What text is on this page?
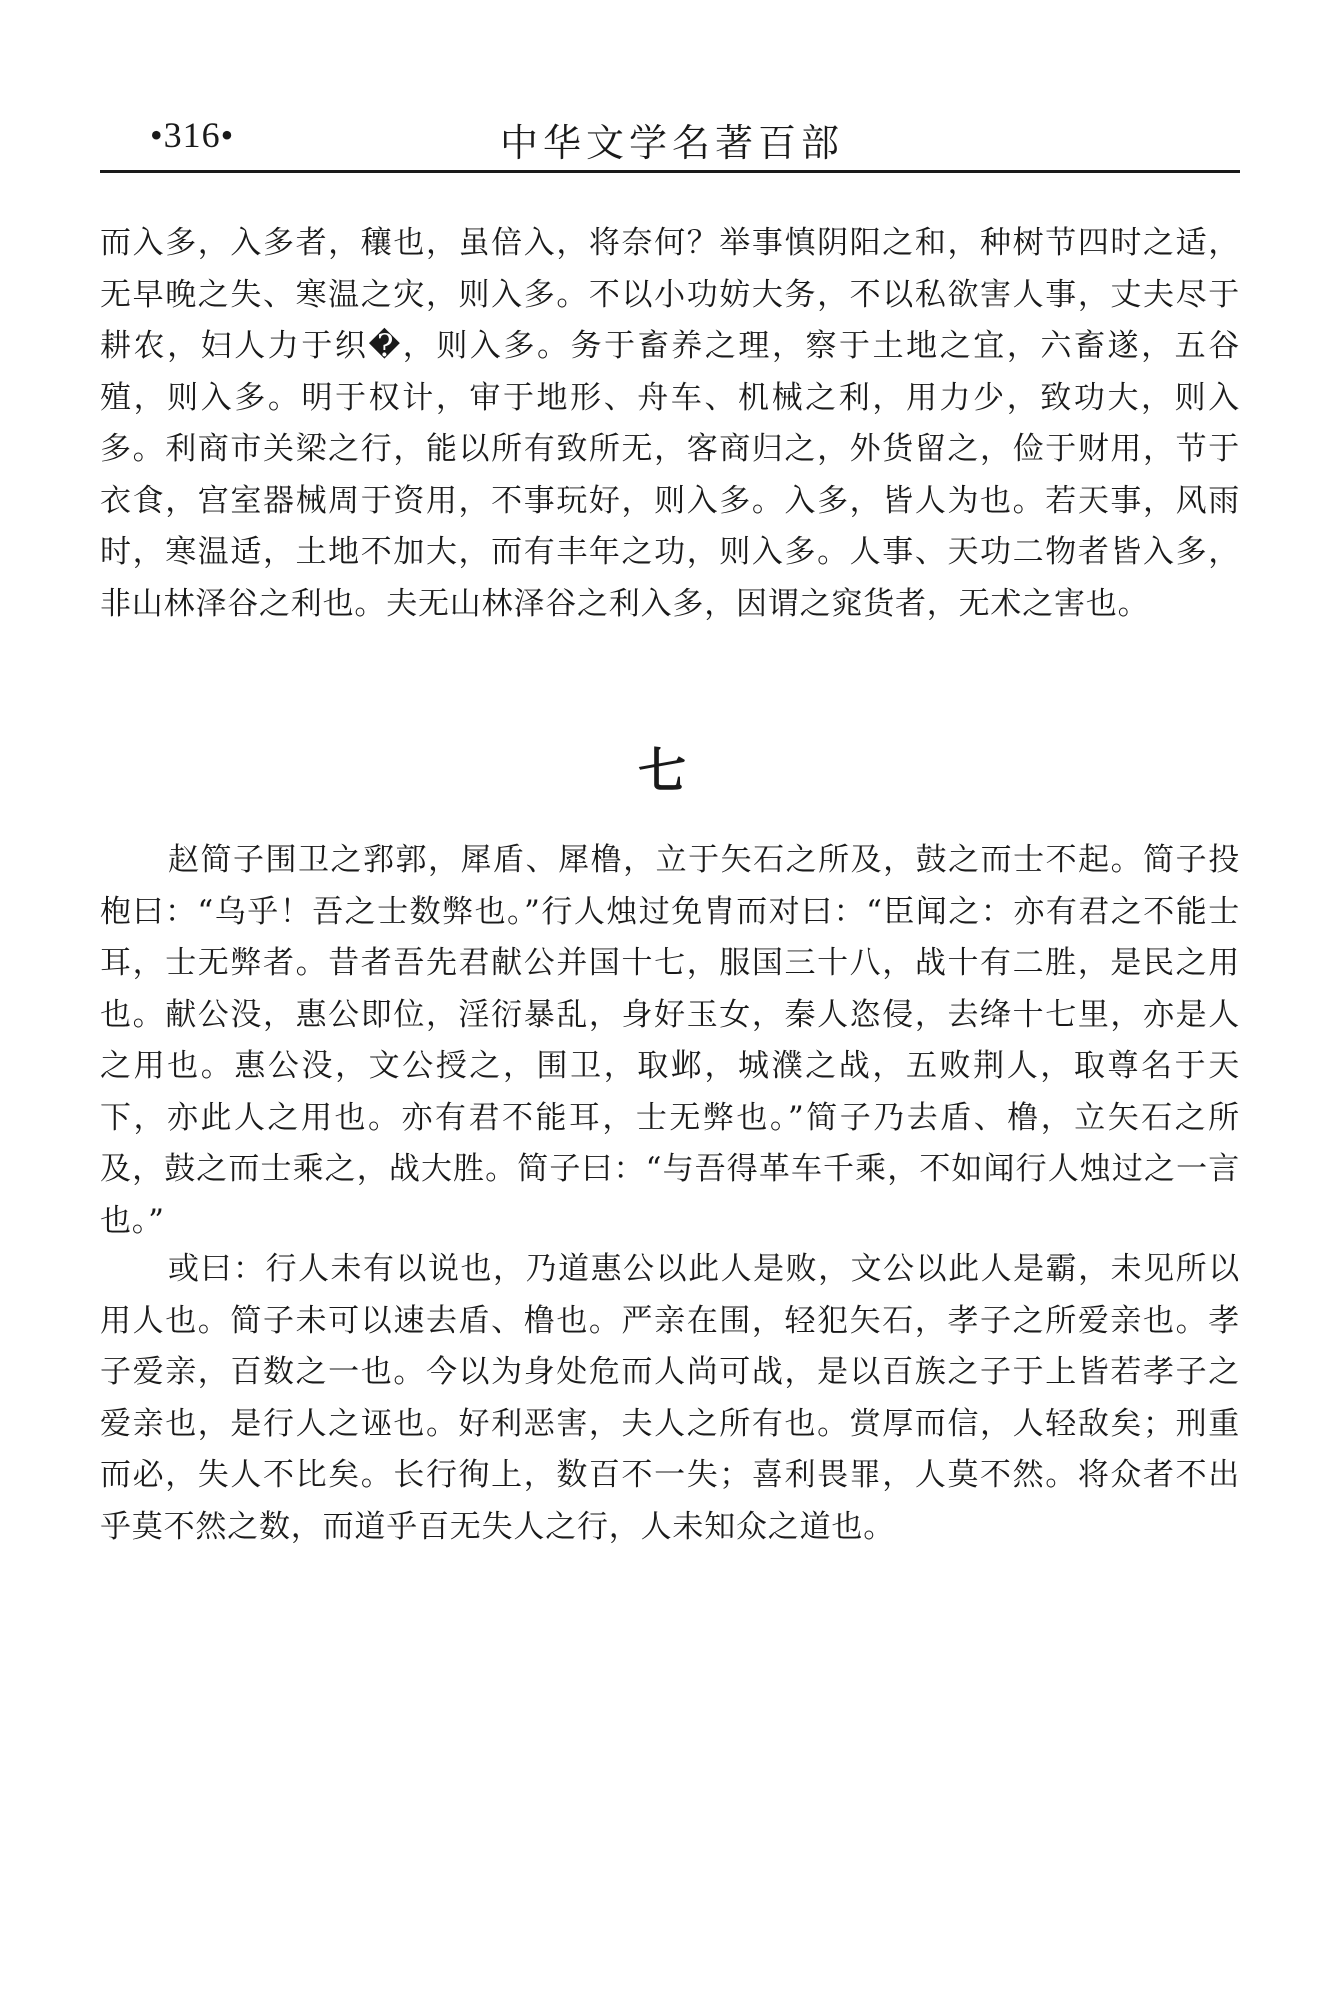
•316•	中华文学名著百部

而入多，入多者，穰也，虽倍入，将奈何？举事慎阴阳之和，种树节四时之适，无早晚之失、寒温之灾，则入多。不以小功妨大务，不以私欲害人事，丈夫尽于耕农，妇人力于织�，则入多。务于畜养之理，察于土地之宜，六畜遂，五谷殖，则入多。明于权计，审于地形、舟车、机械之利，用力少，致功大，则入多。利商市关梁之行，能以所有致所无，客商归之，外货留之，俭于财用，节于衣食，宫室器械周于资用，不事玩好，则入多。入多，皆人为也。若天事，风雨时，寒温适，土地不加大，而有丰年之功，则入多。人事、天功二物者皆入多，非山林泽谷之利也。夫无山林泽谷之利入多，因谓之窕货者，无术之害也。

七

赵简子围卫之郛郭，犀盾、犀橹，立于矢石之所及，鼓之而士不起。简子投枹曰：“乌乎！吾之士数弊也。”行人烛过免胄而对曰：“臣闻之：亦有君之不能士耳，士无弊者。昔者吾先君献公并国十七，服国三十八，战十有二胜，是民之用也。献公没，惠公即位，淫衍暴乱，身好玉女，秦人恣侵，去绛十七里，亦是人之用也。惠公没，文公授之，围卫，取邺，城濮之战，五败荆人，取尊名于天下，亦此人之用也。亦有君不能耳，士无弊也。”简子乃去盾、橹，立矢石之所及，鼓之而士乘之，战大胜。简子曰：“与吾得革车千乘，不如闻行人烛过之一言也。”

或曰：行人未有以说也，乃道惠公以此人是败，文公以此人是霸，未见所以用人也。简子未可以速去盾、橹也。严亲在围，轻犯矢石，孝子之所爱亲也。孝子爱亲，百数之一也。今以为身处危而人尚可战，是以百族之子于上皆若孝子之爱亲也，是行人之诬也。好利恶害，夫人之所有也。赏厚而信，人轻敌矣；刑重而必，失人不比矣。长行徇上，数百不一失；喜利畏罪，人莫不然。将众者不出乎莫不然之数，而道乎百无失人之行，人未知众之道也。
